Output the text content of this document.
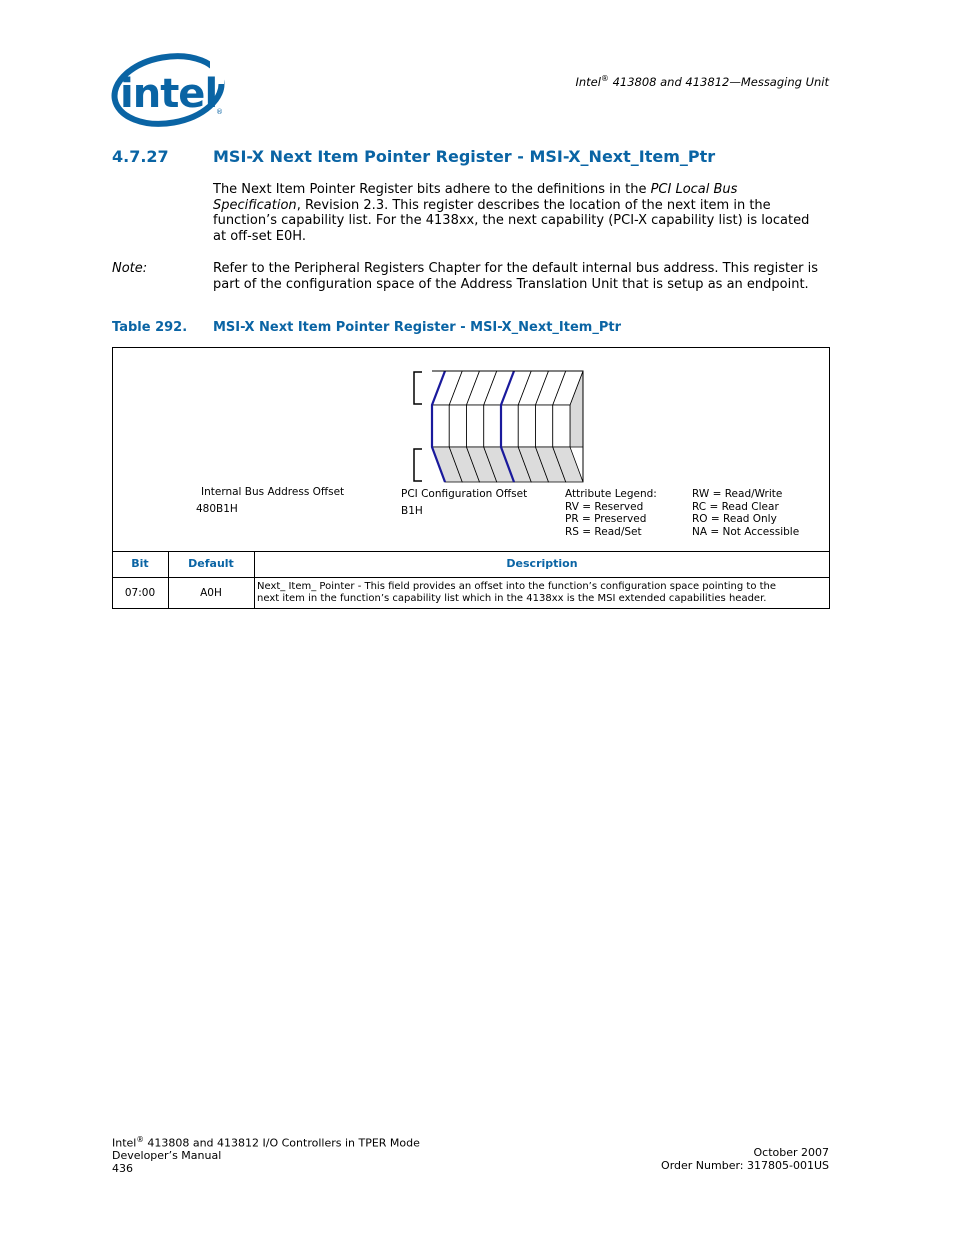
intel
®
Intel® 413808 and 413812—Messaging Unit
4.7.27	MSI-X Next Item Pointer Register - MSI-X_Next_Item_Ptr
The Next Item Pointer Register bits adhere to the definitions in the PCI Local Bus Specification, Revision 2.3. This register describes the location of the next item in the function’s capability list. For the 4138xx, the next capability (PCI-X capability list) is located at off-set E0H.
Note:	Refer to the Peripheral Registers Chapter for the default internal bus address. This register is part of the configuration space of the Address Translation Unit that is setup as an endpoint.
Table 292. MSI-X Next Item Pointer Register - MSI-X_Next_Item_Ptr
Internal Bus Address Offset
480B1H
PCI Configuration Offset
B1H
Attribute Legend:
RV = Reserved
PR = Preserved
RS = Read/Set
RW = Read/Write
RC = Read Clear
RO = Read Only
NA = Not Accessible
Bit	Default	Description
07:00	A0H
Next_ Item_ Pointer - This field provides an offset into the function’s configuration space pointing to the
next item in the function’s capability list which in the 4138xx is the MSI extended capabilities header.
Intel® 413808 and 413812 I/O Controllers in TPER Mode
Developer’s Manual
436
October 2007
Order Number: 317805-001US
